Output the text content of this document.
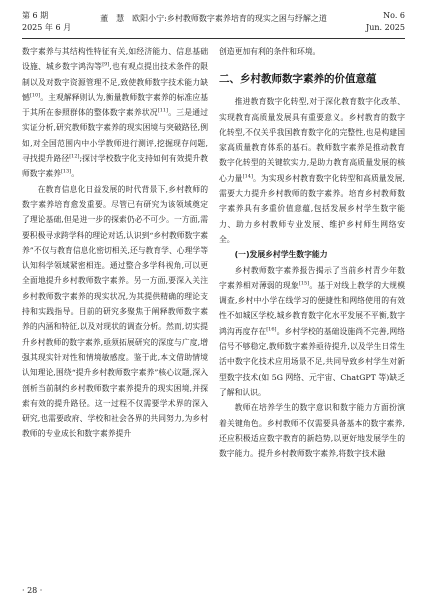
第 6 期
2025 年 6 月
董　慧　欧阳小宁:乡村教师数字素养培育的现实之困与纾解之道	No. 6
Jun. 2025

数字素养与其结构性特征有关,如经济能力、信息基础设施、城乡数字鸿沟等[9],也有观点提出技术条件的限制以及对数字资源管理不足,致使教师数字技术能力缺憾[10]。主观解释则认为,衡量教师数字素养的标准应基于其所在参照群体的整体数字素养状况[11]。三是通过实证分析,研究教师数字素养的现实困境与突破路径,例如,对全国范围内中小学教师进行测评,挖掘现存问题,寻找提升路径[12];探讨学校数字化支持如何有效提升教师数字素养[13]。

在教育信息化日益发展的时代背景下,乡村教师的数字素养培育愈发重要。尽管已有研究为该领域奠定了理论基础,但是进一步的探索仍必不可少。一方面,需要积极寻求跨学科的理论对话,认识到“乡村教师数字素养”不仅与教育信息化密切相关,还与教育学、心理学等认知科学领域紧密相连。通过整合多学科视角,可以更全面地提升乡村教师数字素养。另一方面,要深入关注乡村教师数字素养的现实状况,为其提供精确的理论支持和实践指导。目前的研究多聚焦于阐释教师数字素养的内涵和特征,以及对现状的调查分析。然而,切实提升乡村教师的数字素养,亟须拓展研究的深度与广度,增强其现实针对性和情境敏感度。鉴于此,本文借助情境认知理论,围绕“提升乡村教师数字素养”核心议题,深入剖析当前制约乡村教师数字素养提升的现实困境,并探索有效的提升路径。这一过程不仅需要学术界的深入研究,也需要政府、学校和社会各界的共同努力,为乡村教师的专业成长和数字素养提升

创造更加有利的条件和环境。

二、乡村教师数字素养的价值意蕴

推进教育数字化转型,对于深化教育数字化改革、实现教育高质量发展具有重要意义。乡村教育的数字化转型,不仅关乎我国教育数字化的完整性,也是构建国家高质量教育体系的基石。教师数字素养是推动教育数字化转型的关键软实力,是助力教育高质量发展的核心力量[14]。为实现乡村教育数字化转型和高质量发展,需要大力提升乡村教师的数字素养。培育乡村教师数字素养具有多重价值意蕴,包括发展乡村学生数字能力、助力乡村教师专业发展、维护乡村师生网络安全。

(一)发展乡村学生数字能力

乡村教师数字素养报告揭示了当前乡村青少年数字素养相对薄弱的现象[15]。基于对线上教学的大规模调查,乡村中小学在线学习的便捷性和网络使用的有效性不如城区学校,城乡教育数字化水平发展不平衡,数字鸿沟再度存在[16]。乡村学校的基础设施尚不完善,网络信号不够稳定,教师数字素养亟待提升,以及学生日常生活中数字化技术应用场景不足,共同导致乡村学生对新型数字技术(如 5G 网络、元宇宙、ChatGPT 等)缺乏了解和认识。

教师在培养学生的数字意识和数字能力方面扮演着关键角色。乡村教师不仅需要具备基本的数字素养,还应积极适应数字教育的新趋势,以更好地发展学生的数字能力。提升乡村教师数字素养,将数字技术融

· 28 ·
